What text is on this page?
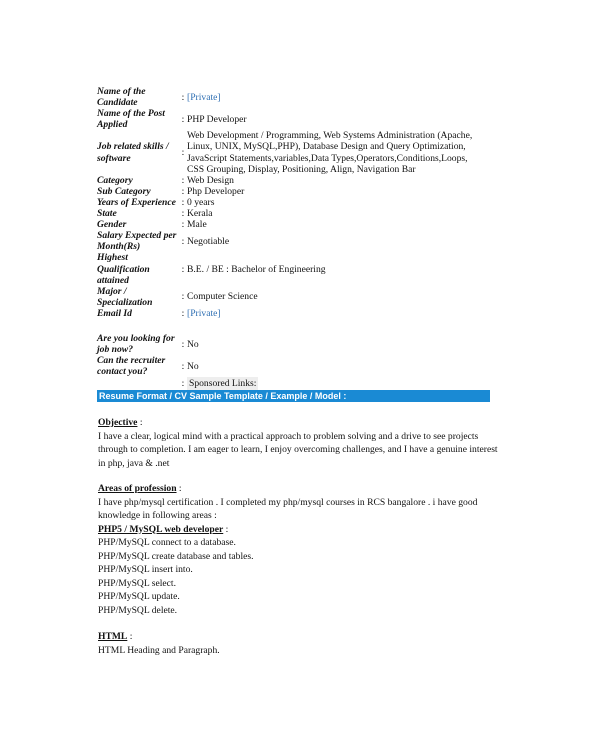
Name of the Candidate	:	[Private]
Name of the Post Applied	:	PHP Developer
Job related skills / software	:	Web Development / Programming, Web Systems Administration (Apache, Linux, UNIX, MySQL,PHP), Database Design and Query Optimization, JavaScript Statements,variables,Data Types,Operators,Conditions,Loops, CSS Grouping, Display, Positioning, Align, Navigation Bar
Category	:	Web Design
Sub Category	:	Php Developer
Years of Experience	:	0 years
State	:	Kerala
Gender	:	Male
Salary Expected per Month(Rs)	:	Negotiable
Highest Qualification attained	:	B.E. / BE : Bachelor of Engineering
Major / Specialization	:	Computer Science
Email Id	:	[Private]
Are you looking for job now?	:	No
Can the recruiter contact you?	:	No
	:	Sponsored Links:
Resume Format / CV Sample Template / Example / Model :
Objective :

I have a clear, logical mind with a practical approach to problem solving and a drive to see projects through to completion. I am eager to learn, I enjoy overcoming challenges, and I have a genuine interest in php, java & .net

Areas of profession :

I have php/mysql certification . I completed my php/mysql courses in RCS bangalore . i have good knowledge in following areas :

PHP5 / MySQL web developer :
PHP/MySQL connect to a database.
PHP/MySQL create database and tables.
PHP/MySQL insert into.
PHP/MySQL select.
PHP/MySQL update.
PHP/MySQL delete.
HTML :
HTML Heading and Paragraph.
